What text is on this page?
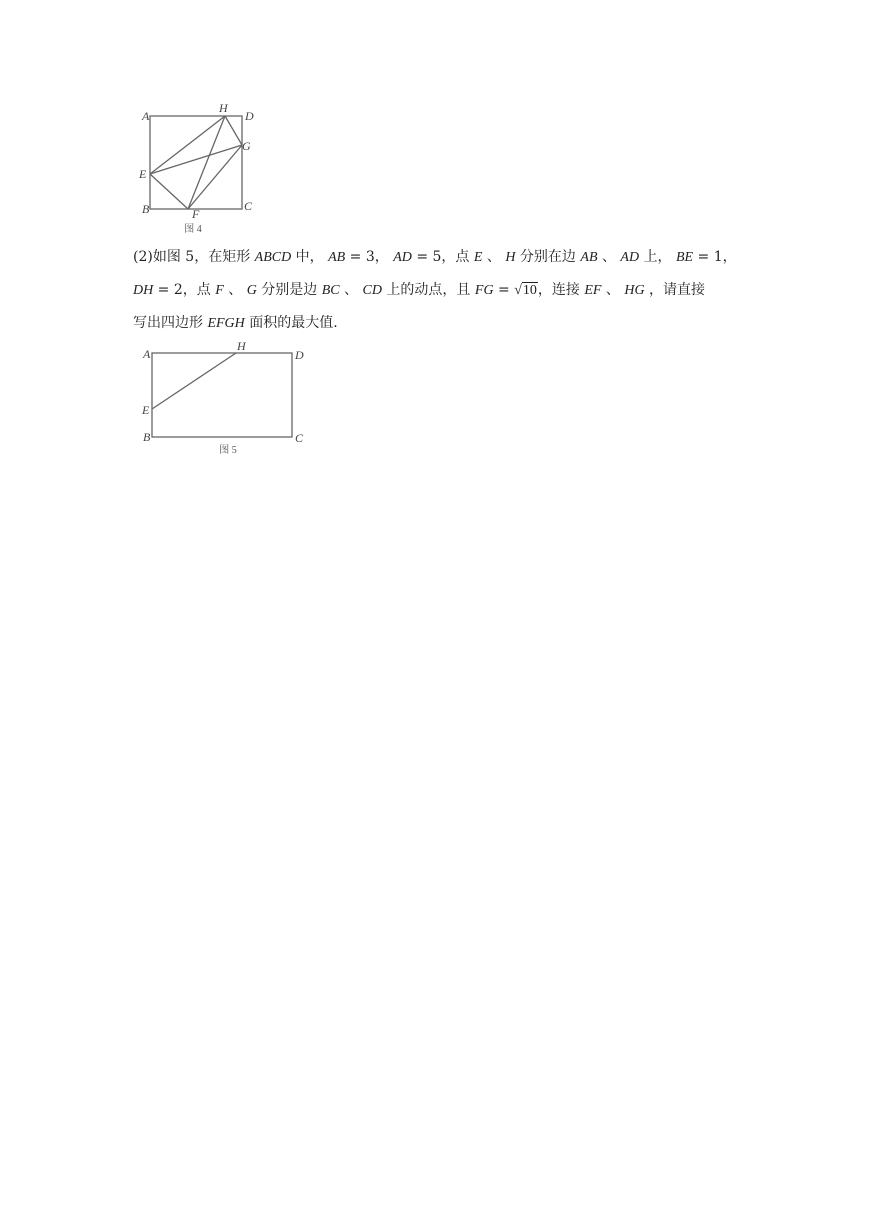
A
H
D
G
E
B	F
C
图 4
(2)如图 5，在矩形 ABCD 中， AB = 3， AD = 5，点 E 、 H 分别在边 AB 、 AD 上， BE = 1，
DH = 2，点 F 、 G 分别是边 BC 、 CD 上的动点，且 FG = √10，连接 EF 、 HG ，请直接
写出四边形 EFGH 面积的最大值.
A
H
D
E
B	C
图 5
